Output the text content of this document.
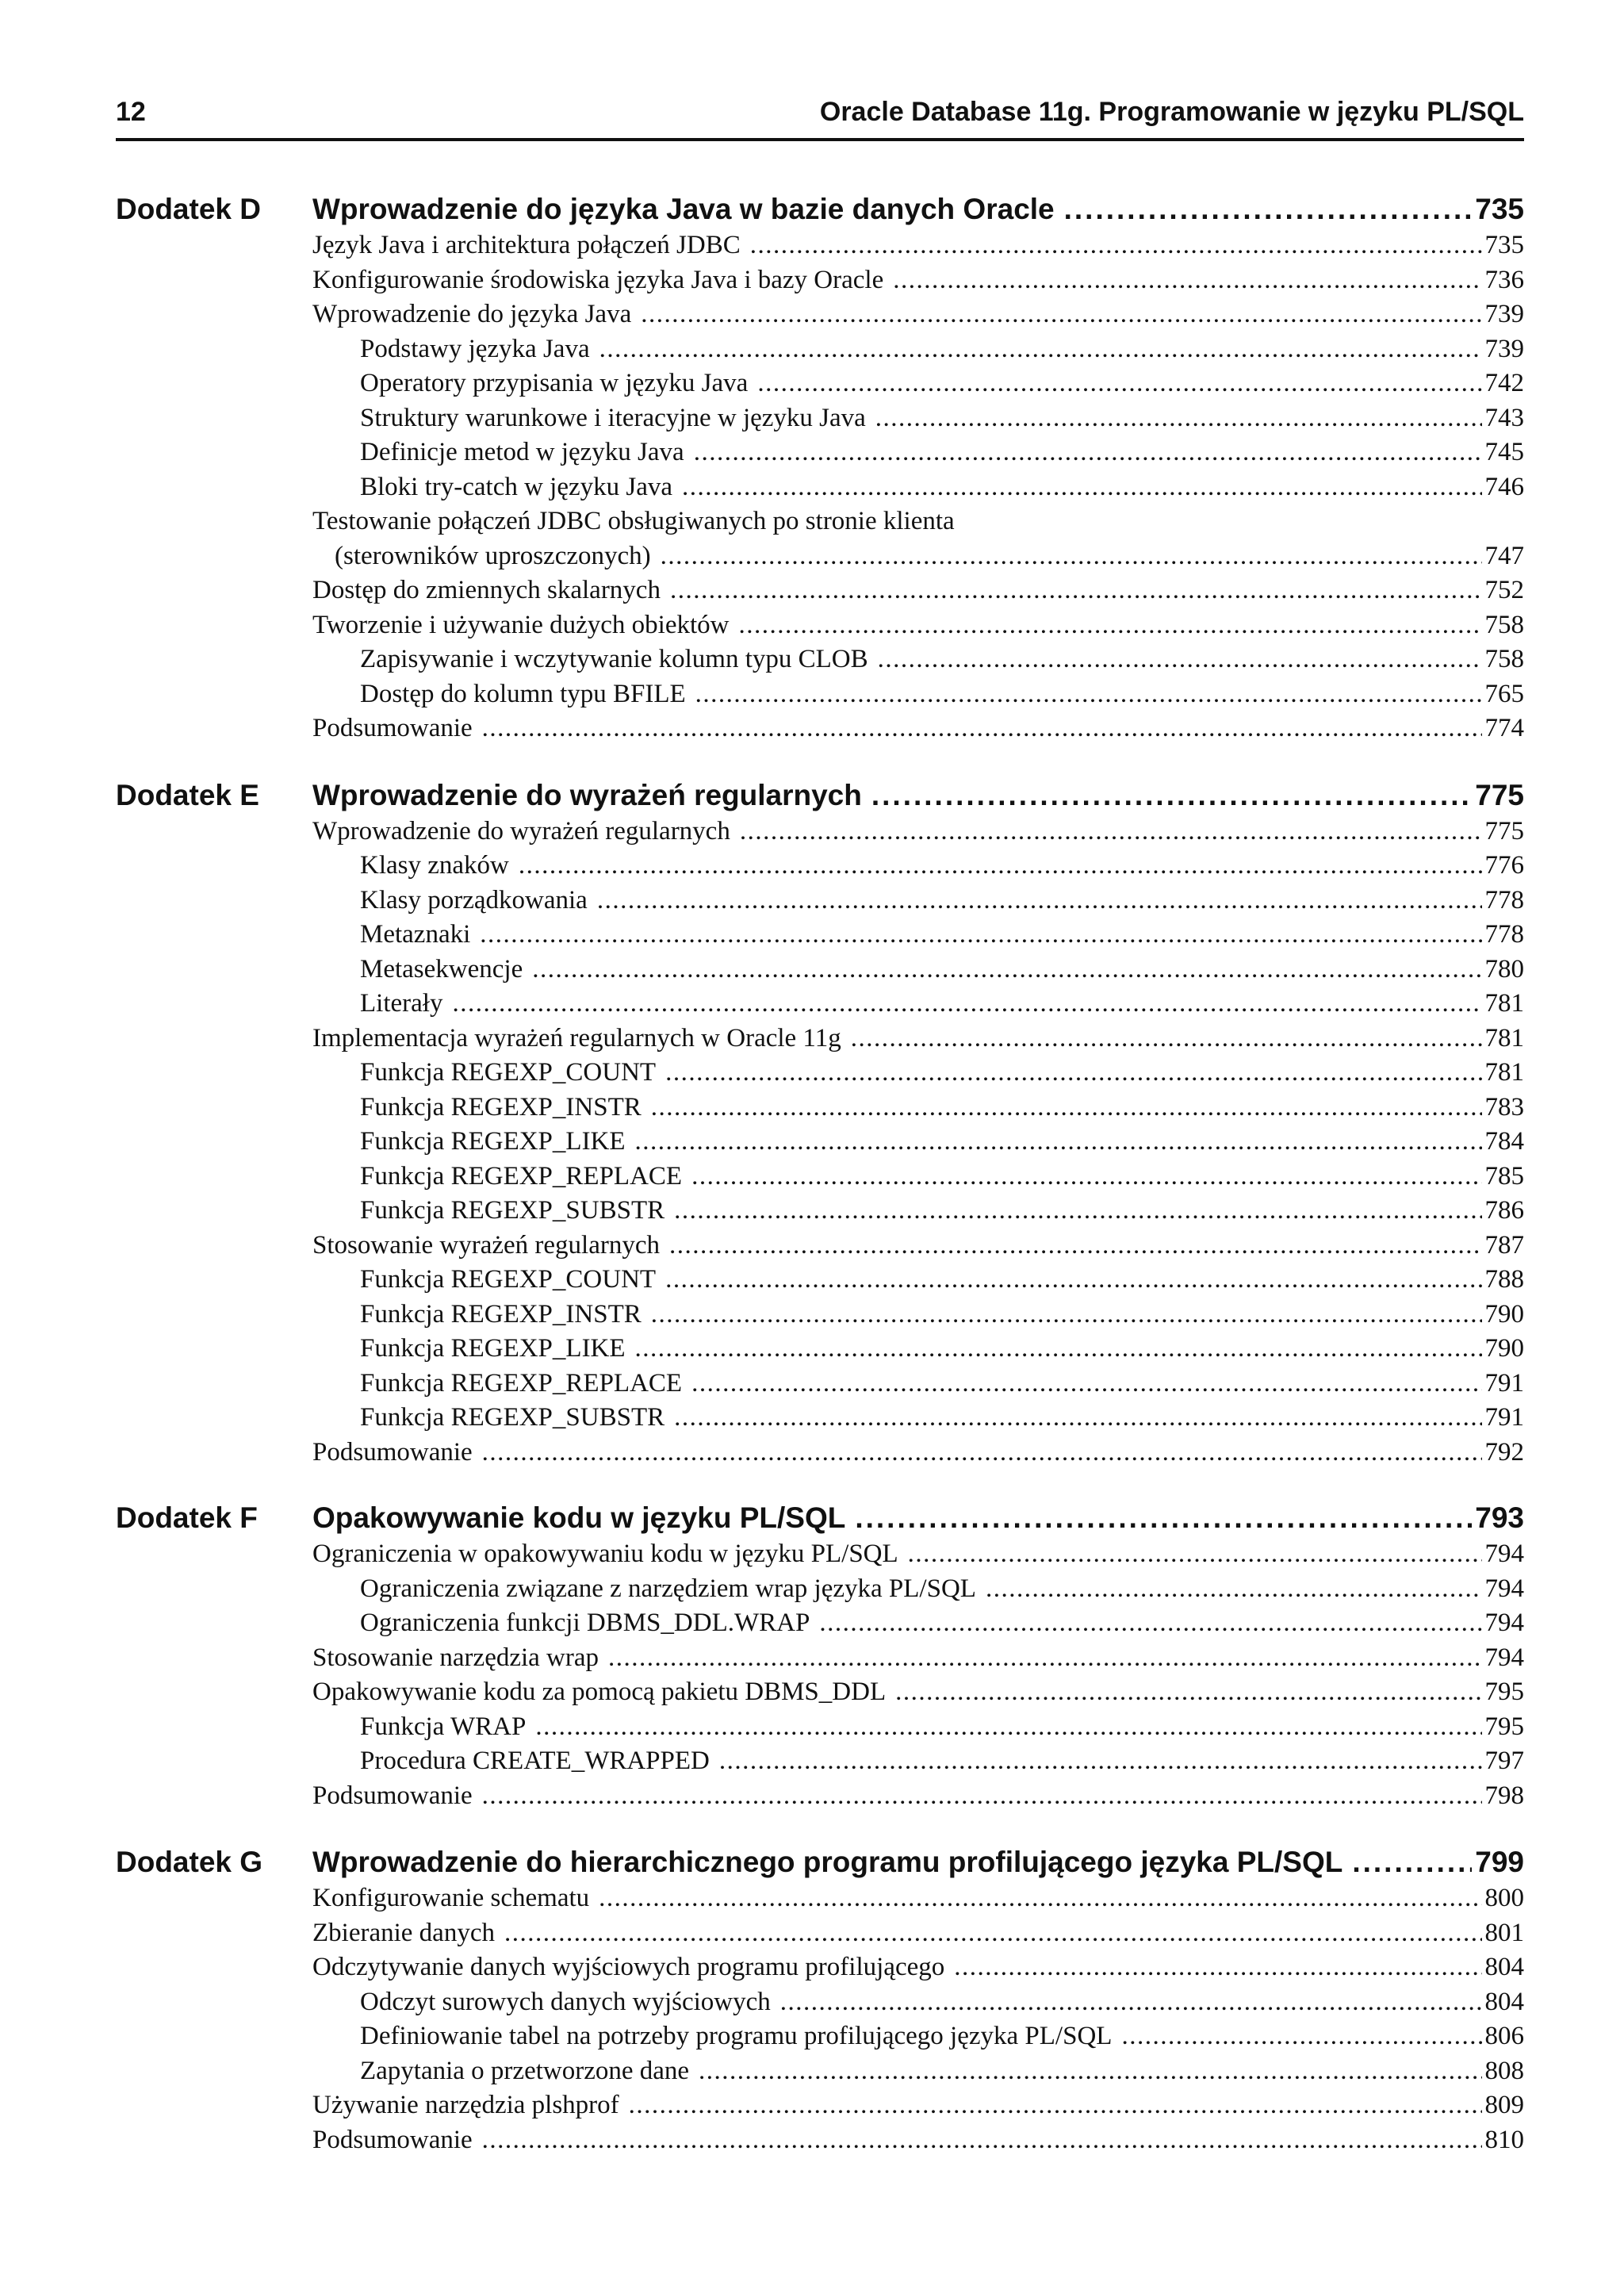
12	Oracle Database 11g. Programowanie w języku PL/SQL
Dodatek D Wprowadzenie do języka Java w bazie danych Oracle .....	735
Język Java i architektura połączeń JDBC .....	735
Konfigurowanie środowiska języka Java i bazy Oracle .....	736
Wprowadzenie do języka Java .....	739
Podstawy języka Java .....	739
Operatory przypisania w języku Java .....	742
Struktury warunkowe i iteracyjne w języku Java .....	743
Definicje metod w języku Java .....	745
Bloki try-catch w języku Java .....	746
Testowanie połączeń JDBC obsługiwanych po stronie klienta
(sterowników uproszczonych) .....	747
Dostęp do zmiennych skalarnych .....	752
Tworzenie i używanie dużych obiektów .....	758
Zapisywanie i wczytywanie kolumn typu CLOB .....	758
Dostęp do kolumn typu BFILE .....	765
Podsumowanie .....	774
Dodatek E Wprowadzenie do wyrażeń regularnych .....	775
Wprowadzenie do wyrażeń regularnych .....	775
Klasy znaków .....	776
Klasy porządkowania .....	778
Metaznaki .....	778
Metasekwencje .....	780
Literały .....	781
Implementacja wyrażeń regularnych w Oracle 11g .....	781
Funkcja REGEXP_COUNT .....	781
Funkcja REGEXP_INSTR .....	783
Funkcja REGEXP_LIKE .....	784
Funkcja REGEXP_REPLACE .....	785
Funkcja REGEXP_SUBSTR .....	786
Stosowanie wyrażeń regularnych .....	787
Funkcja REGEXP_COUNT .....	788
Funkcja REGEXP_INSTR .....	790
Funkcja REGEXP_LIKE .....	790
Funkcja REGEXP_REPLACE .....	791
Funkcja REGEXP_SUBSTR .....	791
Podsumowanie .....	792
Dodatek F Opakowywanie kodu w języku PL/SQL .....	793
Ograniczenia w opakowywaniu kodu w języku PL/SQL .....	794
Ograniczenia związane z narzędziem wrap języka PL/SQL .....	794
Ograniczenia funkcji DBMS_DDL.WRAP .....	794
Stosowanie narzędzia wrap .....	794
Opakowywanie kodu za pomocą pakietu DBMS_DDL .....	795
Funkcja WRAP .....	795
Procedura CREATE_WRAPPED .....	797
Podsumowanie .....	798
Dodatek G Wprowadzenie do hierarchicznego programu profilującego języka PL/SQL .....	799
Konfigurowanie schematu .....	800
Zbieranie danych .....	801
Odczytywanie danych wyjściowych programu profilującego .....	804
Odczyt surowych danych wyjściowych .....	804
Definiowanie tabel na potrzeby programu profilującego języka PL/SQL .....	806
Zapytania o przetworzone dane .....	808
Używanie narzędzia plshprof .....	809
Podsumowanie .....	810
